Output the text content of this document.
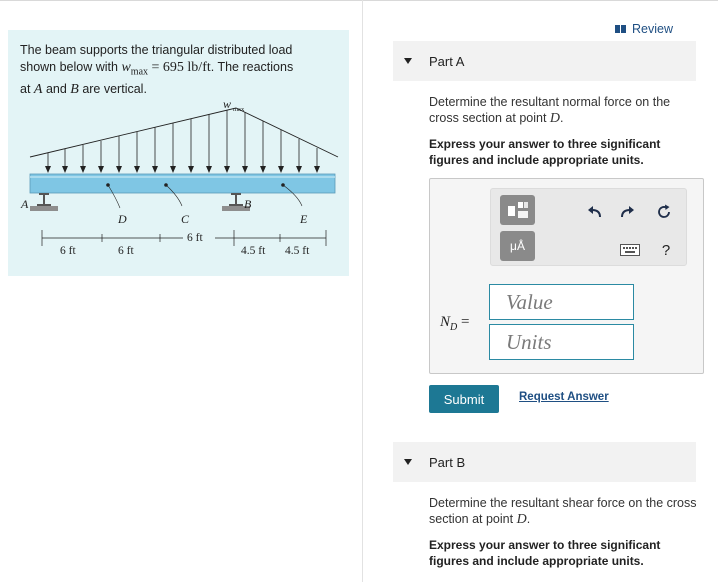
The beam supports the triangular distributed load
shown below with $w_{max} = 695$ lb/ft. The reactions
at A and B are vertical.
w max
A
D	C
B
E
6 ft	6 ft
6 ft
4.5 ft 4.5 ft
Review
Part A
Determine the resultant normal force on the cross section at point D.
Express your answer to three significant figures and include appropriate units.
μÅ	?
$N_D$ =
Value
Units
Submit	Request Answer
Part B
Determine the resultant shear force on the cross section at point D.
Express your answer to three significant figures and include appropriate units.
